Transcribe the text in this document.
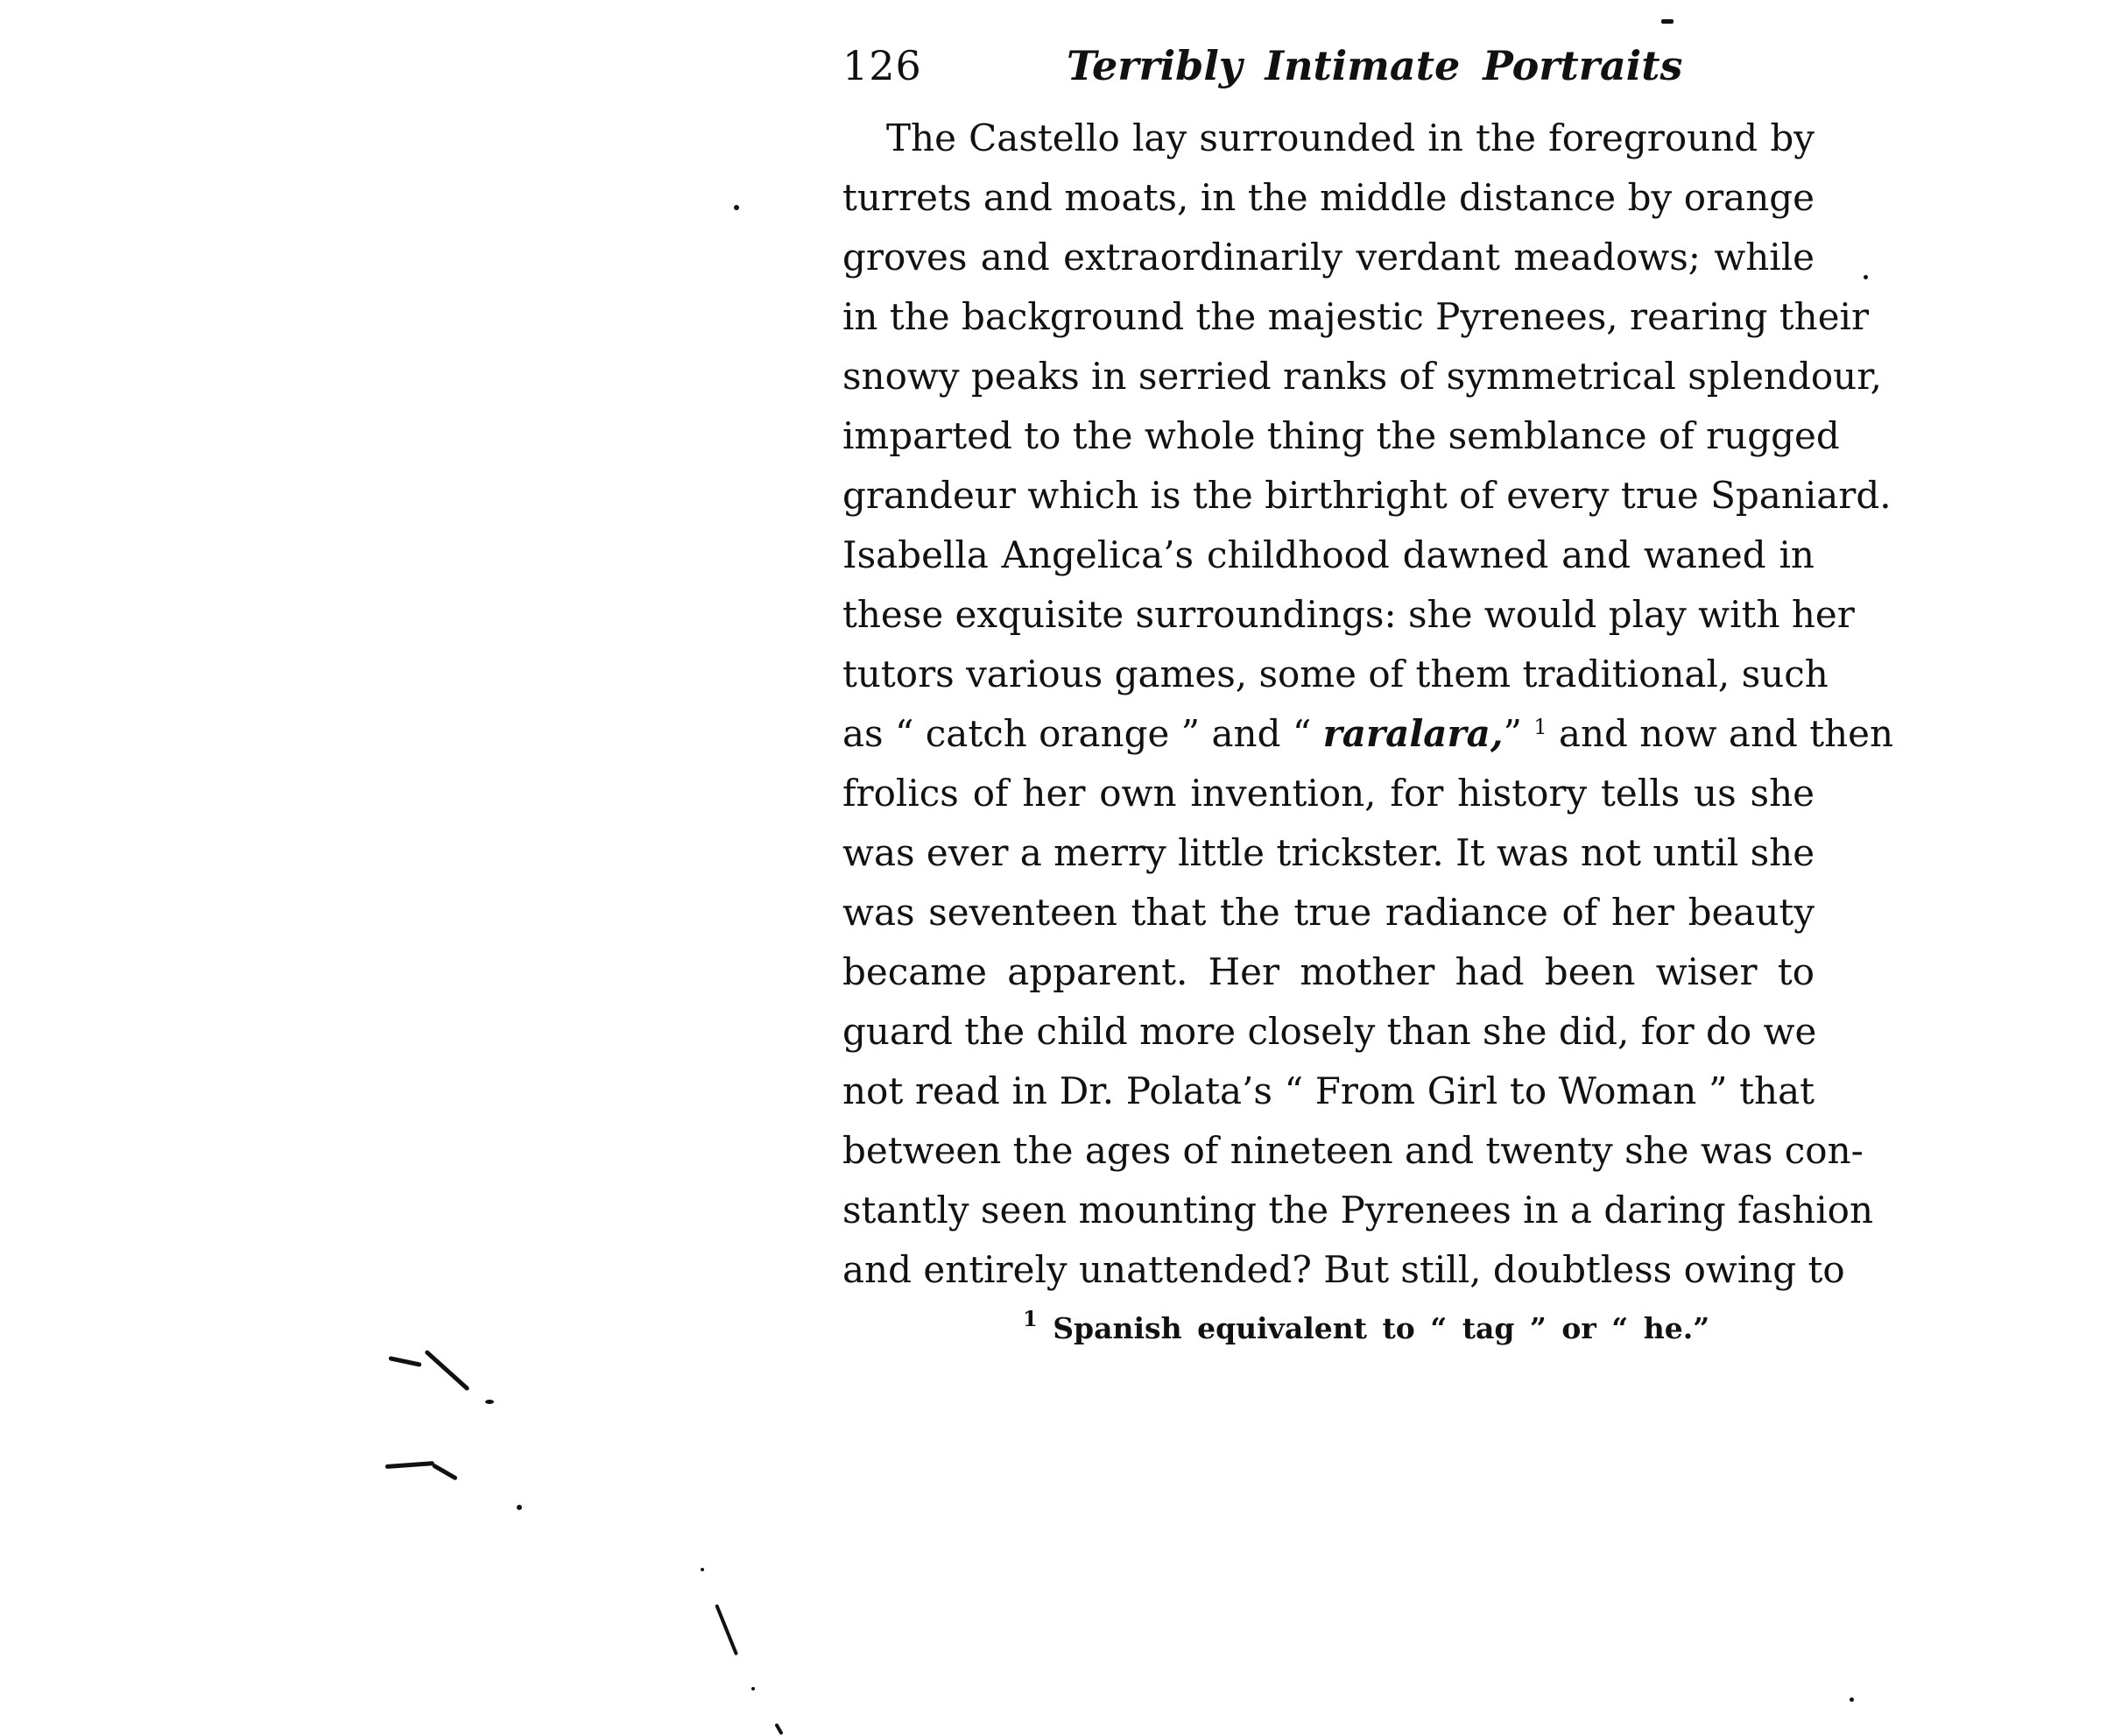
126	Terribly Intimate Portraits
The Castello lay surrounded in the foreground by
turrets and moats, in the middle distance by orange
groves and extraordinarily verdant meadows; while
in the background the majestic Pyrenees, rearing their
snowy peaks in serried ranks of symmetrical splendour,
imparted to the whole thing the semblance of rugged
grandeur which is the birthright of every true Spaniard.
Isabella Angelica’s childhood dawned and waned in
these exquisite surroundings: she would play with her
tutors various games, some of them traditional, such
as “ catch orange ” and “ raralara,” $^1$ and now and then
frolics of her own invention, for history tells us she
was ever a merry little trickster. It was not until she
was seventeen that the true radiance of her beauty
became apparent. Her mother had been wiser to
guard the child more closely than she did, for do we
not read in Dr. Polata’s “ From Girl to Woman ” that
between the ages of nineteen and twenty she was con-
stantly seen mounting the Pyrenees in a daring fashion
and entirely unattended? But still, doubtless owing to
$^1$ Spanish equivalent to “ tag ” or “ he.”
